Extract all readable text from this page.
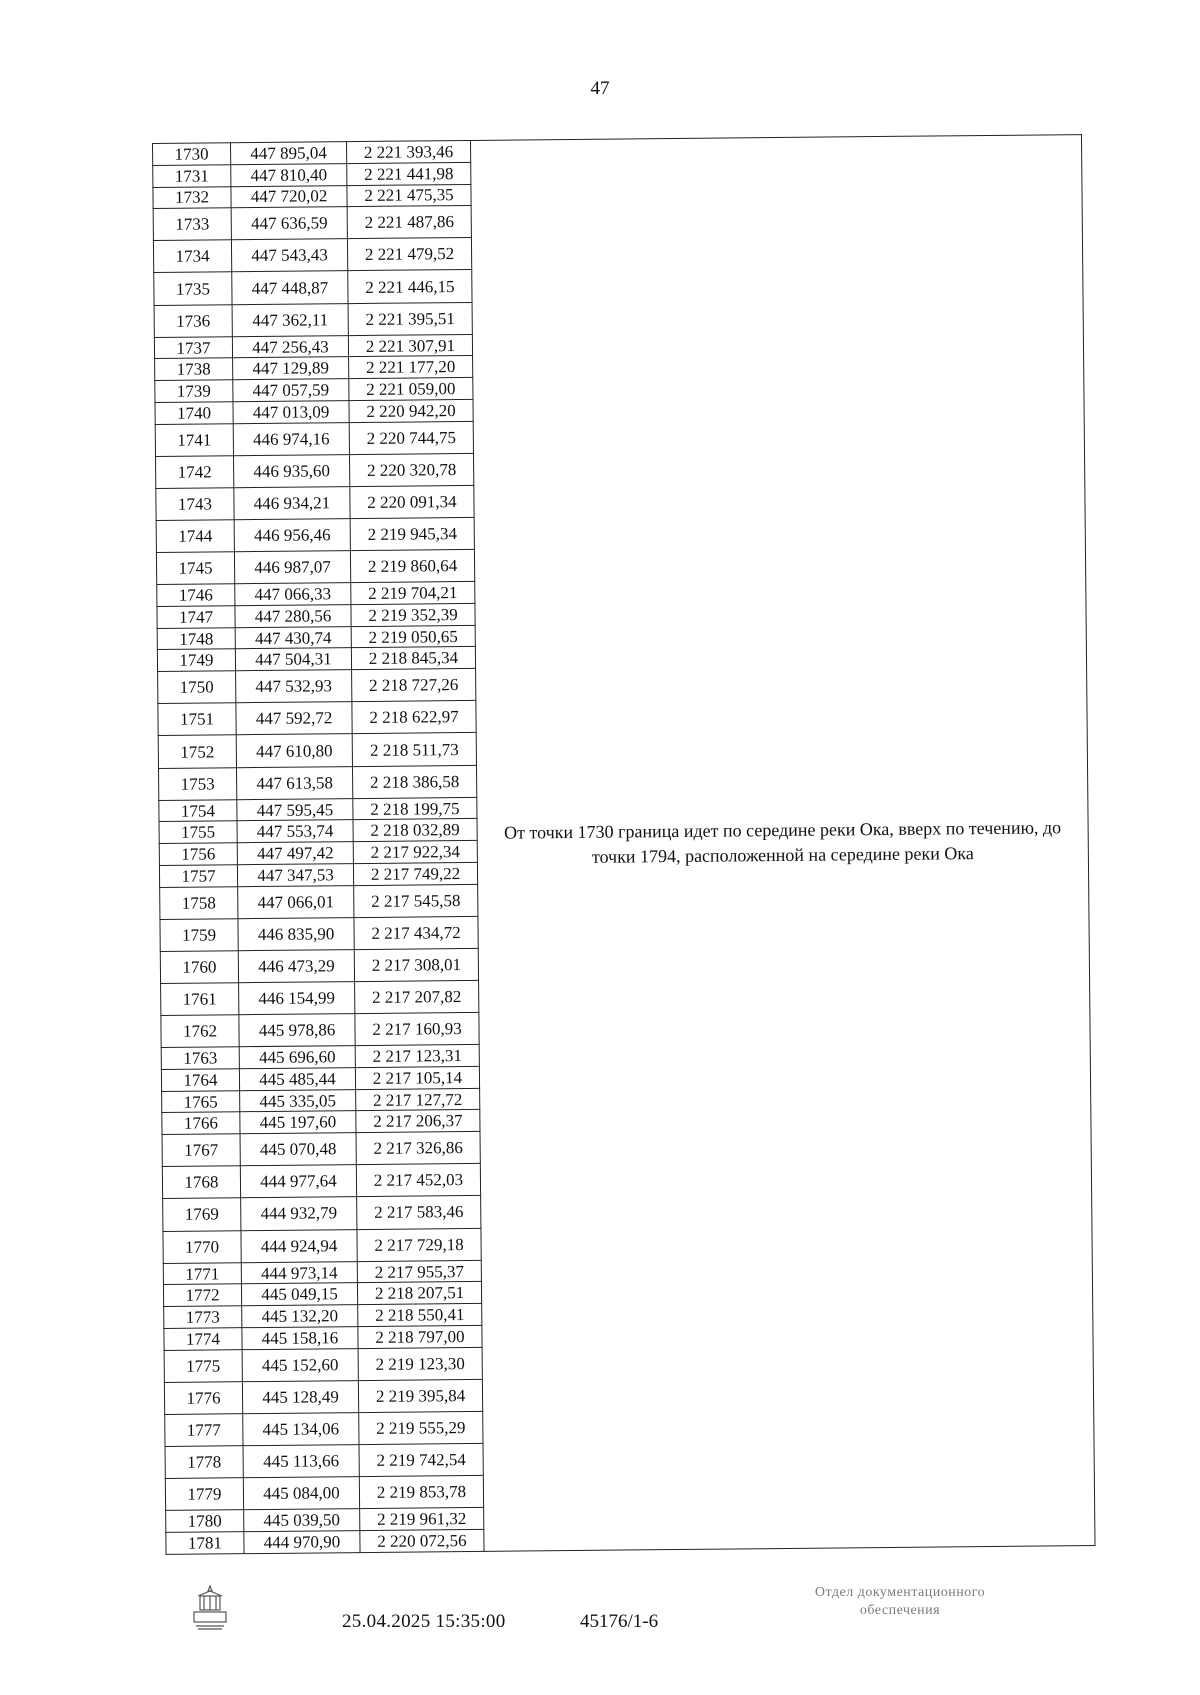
47
1730	447 895,04	2 221 393,46	От точки 1730 граница идет по середине реки Ока, вверх по течению, до точки 1794, расположенной на середине реки Ока
1731	447 810,40	2 221 441,98	
1732	447 720,02	2 221 475,35	
1733	447 636,59	2 221 487,86	
1734	447 543,43	2 221 479,52	
1735	447 448,87	2 221 446,15	
1736	447 362,11	2 221 395,51	
1737	447 256,43	2 221 307,91	
1738	447 129,89	2 221 177,20	
1739	447 057,59	2 221 059,00	
1740	447 013,09	2 220 942,20	
1741	446 974,16	2 220 744,75	
1742	446 935,60	2 220 320,78	
1743	446 934,21	2 220 091,34	
1744	446 956,46	2 219 945,34	
1745	446 987,07	2 219 860,64	
1746	447 066,33	2 219 704,21	
1747	447 280,56	2 219 352,39	
1748	447 430,74	2 219 050,65	
1749	447 504,31	2 218 845,34	
1750	447 532,93	2 218 727,26	
1751	447 592,72	2 218 622,97	
1752	447 610,80	2 218 511,73	
1753	447 613,58	2 218 386,58	
1754	447 595,45	2 218 199,75	
1755	447 553,74	2 218 032,89	
1756	447 497,42	2 217 922,34	
1757	447 347,53	2 217 749,22	
1758	447 066,01	2 217 545,58	
1759	446 835,90	2 217 434,72	
1760	446 473,29	2 217 308,01	
1761	446 154,99	2 217 207,82	
1762	445 978,86	2 217 160,93	
1763	445 696,60	2 217 123,31	
1764	445 485,44	2 217 105,14	
1765	445 335,05	2 217 127,72	
1766	445 197,60	2 217 206,37	
1767	445 070,48	2 217 326,86	
1768	444 977,64	2 217 452,03	
1769	444 932,79	2 217 583,46	
1770	444 924,94	2 217 729,18	
1771	444 973,14	2 217 955,37	
1772	445 049,15	2 218 207,51	
1773	445 132,20	2 218 550,41	
1774	445 158,16	2 218 797,00	
1775	445 152,60	2 219 123,30	
1776	445 128,49	2 219 395,84	
1777	445 134,06	2 219 555,29	
1778	445 113,66	2 219 742,54	
1779	445 084,00	2 219 853,78	
1780	445 039,50	2 219 961,32	
1781	444 970,90	2 220 072,56	
25.04.2025 15:35:00	45176/1-6
Отдел документационного
обеспечения
